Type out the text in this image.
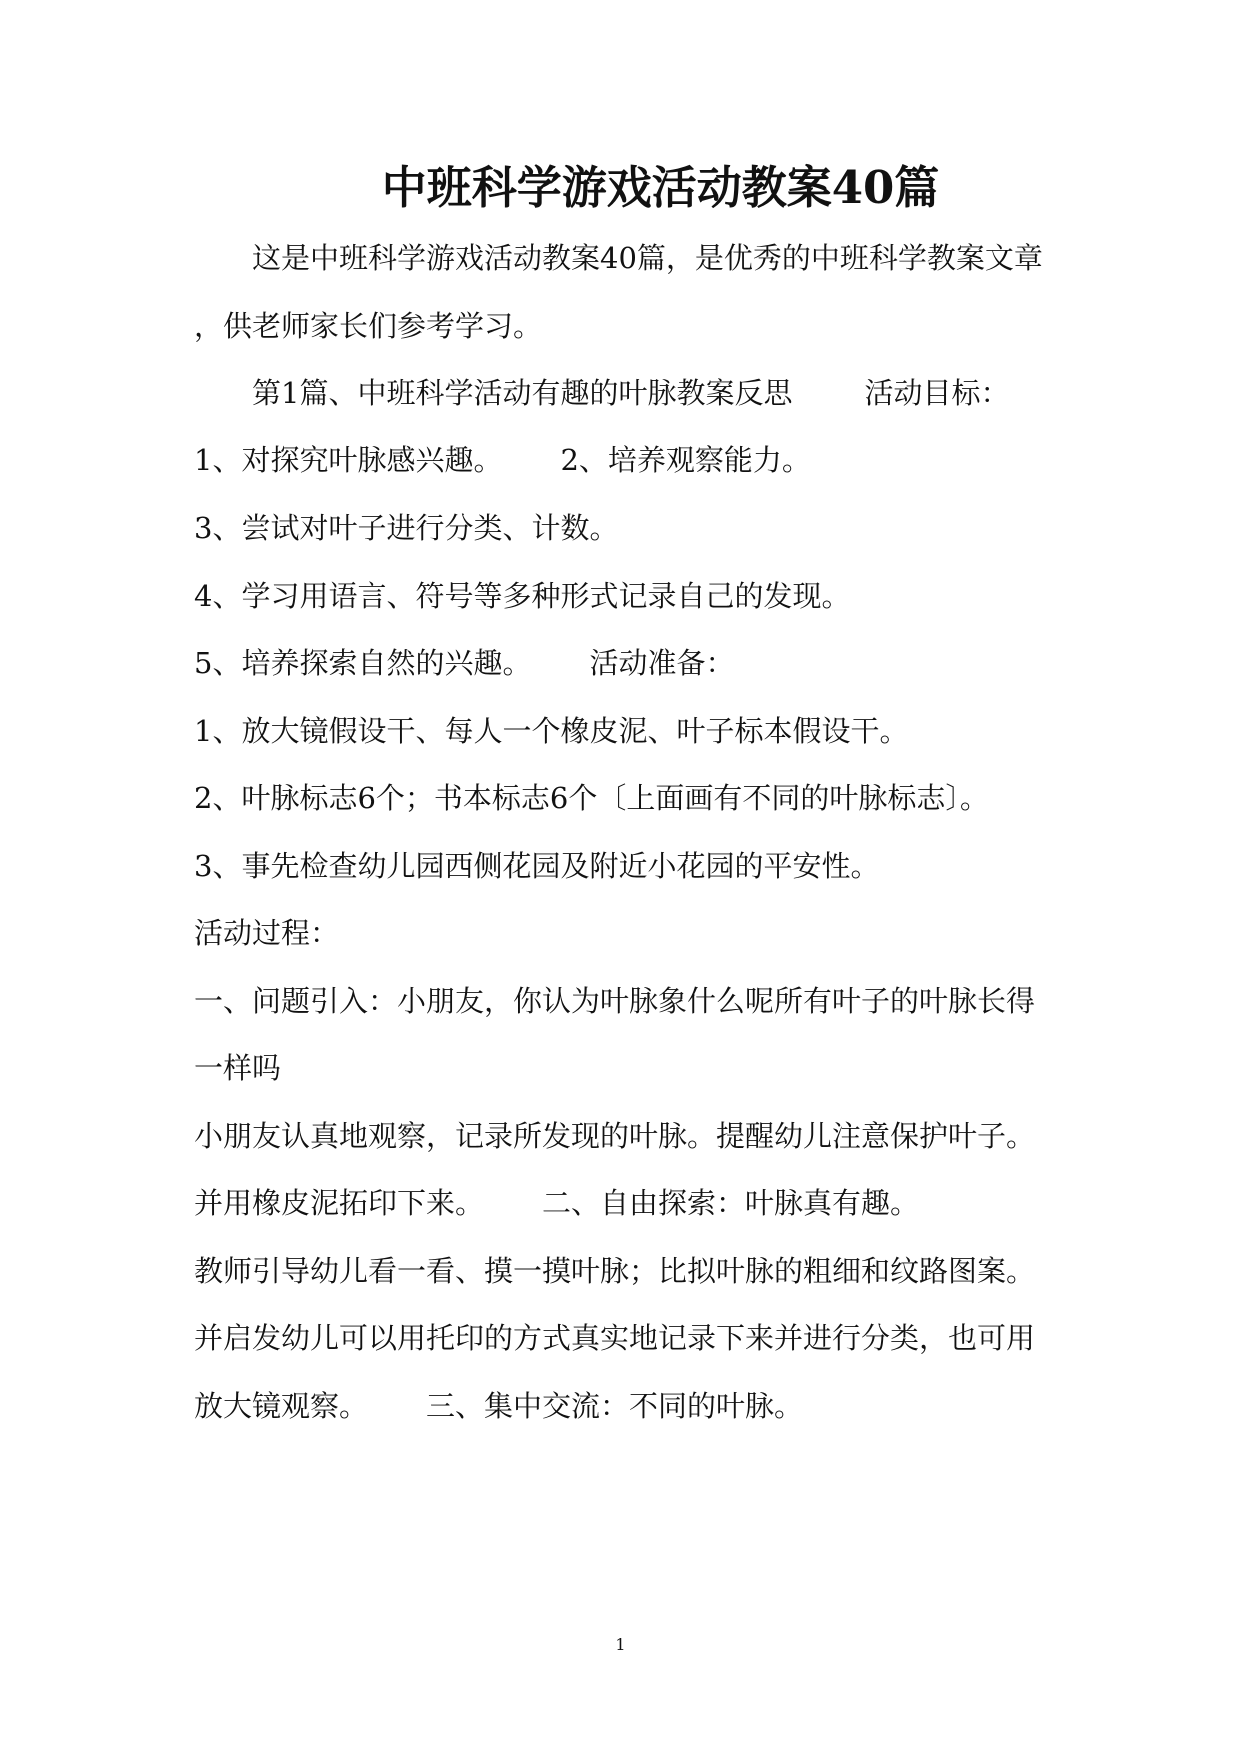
中班科学游戏活动教案40篇
这是中班科学游戏活动教案40篇，是优秀的中班科学教案文章
，供老师家长们参考学习。
第1篇、中班科学活动有趣的叶脉教案反思 活动目标：
1、对探究叶脉感兴趣。 2、培养观察能力。
3、尝试对叶子进行分类、计数。
4、学习用语言、符号等多种形式记录自己的发现。
5、培养探索自然的兴趣。 活动准备：
1、放大镜假设干、每人一个橡皮泥、叶子标本假设干。
2、叶脉标志6个；书本标志6个〔上面画有不同的叶脉标志〕。
3、事先检查幼儿园西侧花园及附近小花园的平安性。
活动过程：
一、问题引入：小朋友，你认为叶脉象什么呢所有叶子的叶脉长得
一样吗
小朋友认真地观察，记录所发现的叶脉。提醒幼儿注意保护叶子。
并用橡皮泥拓印下来。 二、自由探索：叶脉真有趣。
教师引导幼儿看一看、摸一摸叶脉；比拟叶脉的粗细和纹路图案。
并启发幼儿可以用托印的方式真实地记录下来并进行分类，也可用
放大镜观察。 三、集中交流：不同的叶脉。
1
